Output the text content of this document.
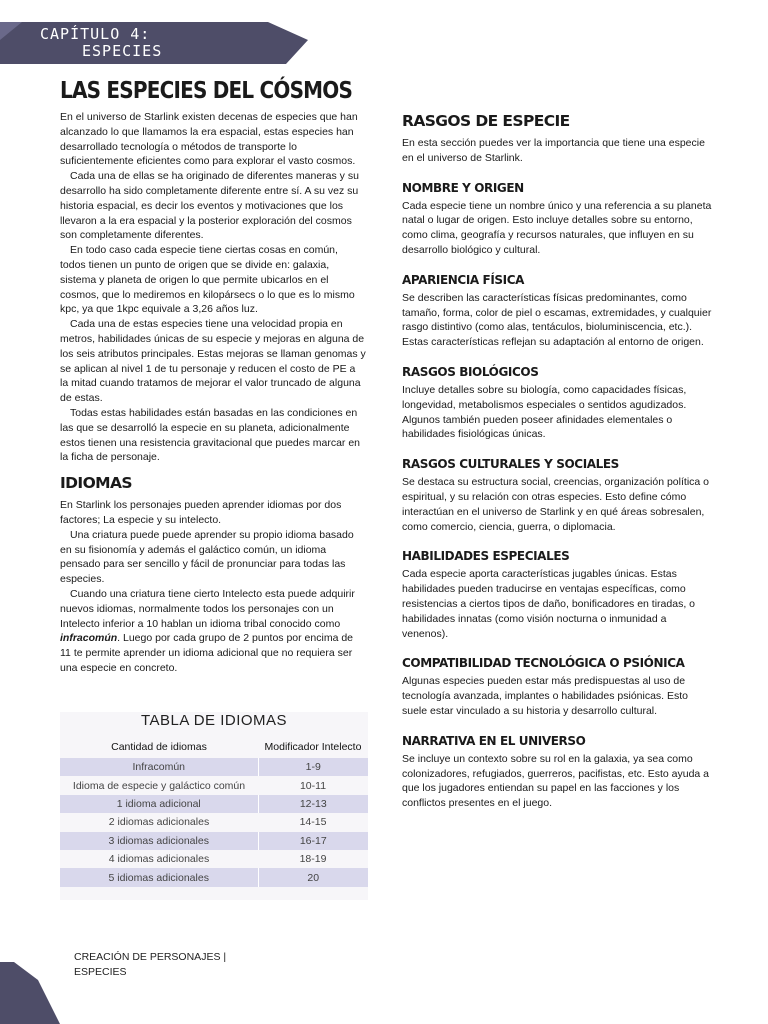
CAPÍTULO 4:
ESPECIES
LAS ESPECIES DEL CÓSMOS

En el universo de Starlink existen decenas de especies que han alcanzado lo que llamamos la era espacial, estas especies han desarrollado tecnología o métodos de transporte lo suficientemente eficientes como para explorar el vasto cosmos.

Cada una de ellas se ha originado de diferentes maneras y su desarrollo ha sido completamente diferente entre sí. A su vez su historia espacial, es decir los eventos y motivaciones que los llevaron a la era espacial y la posterior exploración del cosmos son completamente diferentes.

En todo caso cada especie tiene ciertas cosas en común, todos tienen un punto de origen que se divide en: galaxia, sistema y planeta de origen lo que permite ubicarlos en el cosmos, que lo mediremos en kilopársecs o lo que es lo mismo kpc, ya que 1kpc equivale a 3,26 años luz.

Cada una de estas especies tiene una velocidad propia en metros, habilidades únicas de su especie y mejoras en alguna de los seis atributos principales. Estas mejoras se llaman genomas y se aplican al nivel 1 de tu personaje y reducen el costo de PE a la mitad cuando tratamos de mejorar el valor truncado de alguna de estas.

Todas estas habilidades están basadas en las condiciones en las que se desarrolló la especie en su planeta, adicionalmente estos tienen una resistencia gravitacional que puedes marcar en la ficha de personaje.

IDIOMAS

En Starlink los personajes pueden aprender idiomas por dos factores; La especie y su intelecto.

Una criatura puede puede aprender su propio idioma basado en su fisionomía y además el galáctico común, un idioma pensado para ser sencillo y fácil de pronunciar para todas las especies.

Cuando una criatura tiene cierto Intelecto esta puede adquirir nuevos idiomas, normalmente todos los personajes con un Intelecto inferior a 10 hablan un idioma tribal conocido como infracomún. Luego por cada grupo de 2 puntos por encima de 11 te permite aprender un idioma adicional que no requiera ser una especie en concreto.

TABLA DE IDIOMAS
Cantidad de idiomas	Modificador Intelecto
Infracomún	1-9
Idioma de especie y galáctico común	10-11
1 idioma adicional	12-13
2 idiomas adicionales	14-15
3 idiomas adicionales	16-17
4 idiomas adicionales	18-19
5 idiomas adicionales	20
RASGOS DE ESPECIE

En esta sección puedes ver la importancia que tiene una especie en el universo de Starlink.

NOMBRE Y ORIGEN

Cada especie tiene un nombre único y una referencia a su planeta natal o lugar de origen. Esto incluye detalles sobre su entorno, como clima, geografía y recursos naturales, que influyen en su desarrollo biológico y cultural.

APARIENCIA FÍSICA

Se describen las características físicas predominantes, como tamaño, forma, color de piel o escamas, extremidades, y cualquier rasgo distintivo (como alas, tentáculos, bioluminiscencia, etc.). Estas características reflejan su adaptación al entorno de origen.

RASGOS BIOLÓGICOS

Incluye detalles sobre su biología, como capacidades físicas, longevidad, metabolismos especiales o sentidos agudizados. Algunos también pueden poseer afinidades elementales o habilidades fisiológicas únicas.

RASGOS CULTURALES Y SOCIALES

Se destaca su estructura social, creencias, organización política o espiritual, y su relación con otras especies. Esto define cómo interactúan en el universo de Starlink y en qué áreas sobresalen, como comercio, ciencia, guerra, o diplomacia.

HABILIDADES ESPECIALES

Cada especie aporta características jugables únicas. Estas habilidades pueden traducirse en ventajas específicas, como resistencias a ciertos tipos de daño, bonificadores en tiradas, o habilidades innatas (como visión nocturna o inmunidad a venenos).

COMPATIBILIDAD TECNOLÓGICA O PSIÓNICA

Algunas especies pueden estar más predispuestas al uso de tecnología avanzada, implantes o habilidades psiónicas. Esto suele estar vinculado a su historia y desarrollo cultural.

NARRATIVA EN EL UNIVERSO

Se incluye un contexto sobre su rol en la galaxia, ya sea como colonizadores, refugiados, guerreros, pacifistas, etc. Esto ayuda a que los jugadores entiendan su papel en las facciones y los conflictos presentes en el juego.

CREACIÓN DE PERSONAJES |
ESPECIES
